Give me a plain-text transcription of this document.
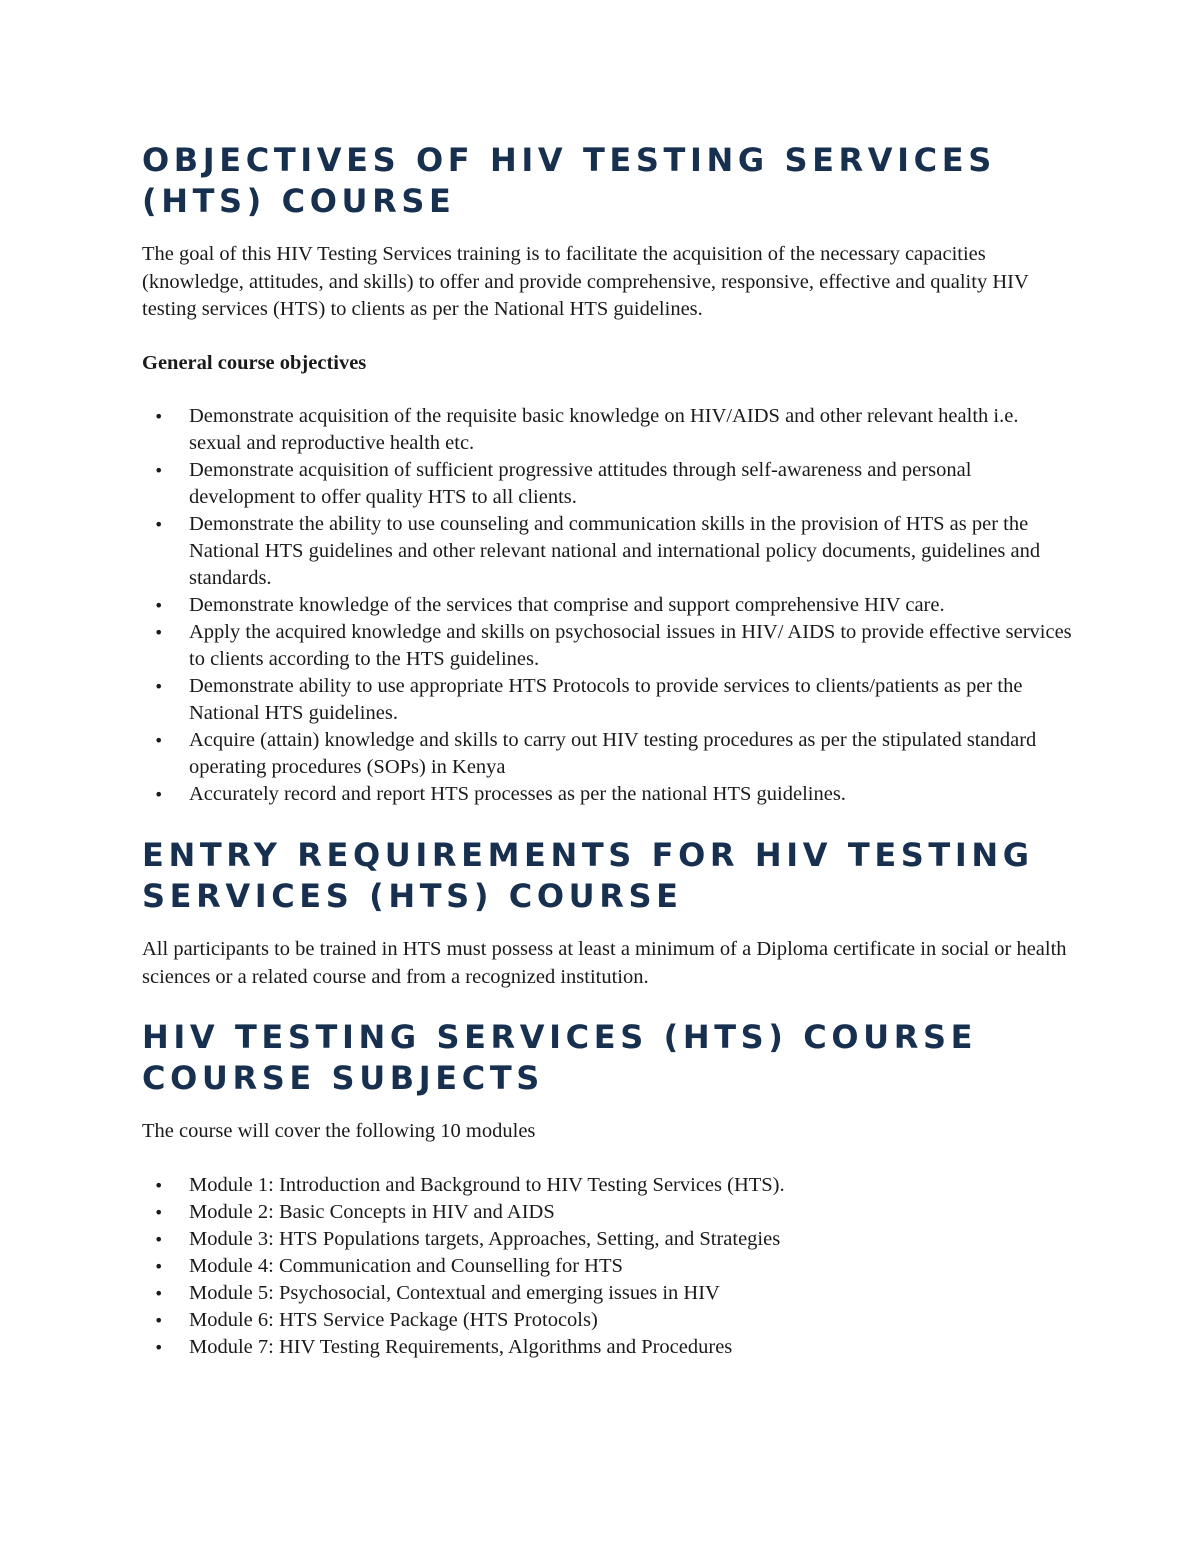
OBJECTIVES OF HIV TESTING SERVICES (HTS) COURSE

The goal of this HIV Testing Services training is to facilitate the acquisition of the necessary capacities (knowledge, attitudes, and skills) to offer and provide comprehensive, responsive, effective and quality HIV testing services (HTS) to clients as per the National HTS guidelines.

General course objectives

• Demonstrate acquisition of the requisite basic knowledge on HIV/AIDS and other relevant health i.e. sexual and reproductive health etc.
• Demonstrate acquisition of sufficient progressive attitudes through self-awareness and personal development to offer quality HTS to all clients.
• Demonstrate the ability to use counseling and communication skills in the provision of HTS as per the National HTS guidelines and other relevant national and international policy documents, guidelines and standards.
• Demonstrate knowledge of the services that comprise and support comprehensive HIV care.
• Apply the acquired knowledge and skills on psychosocial issues in HIV/ AIDS to provide effective services to clients according to the HTS guidelines.
• Demonstrate ability to use appropriate HTS Protocols to provide services to clients/patients as per the National HTS guidelines.
• Acquire (attain) knowledge and skills to carry out HIV testing procedures as per the stipulated standard operating procedures (SOPs) in Kenya
• Accurately record and report HTS processes as per the national HTS guidelines.
ENTRY REQUIREMENTS FOR HIV TESTING SERVICES (HTS) COURSE

All participants to be trained in HTS must possess at least a minimum of a Diploma certificate in social or health sciences or a related course and from a recognized institution.

HIV TESTING SERVICES (HTS) COURSE COURSE SUBJECTS

The course will cover the following 10 modules

• Module 1: Introduction and Background to HIV Testing Services (HTS).
• Module 2: Basic Concepts in HIV and AIDS
• Module 3: HTS Populations targets, Approaches, Setting, and Strategies
• Module 4: Communication and Counselling for HTS
• Module 5: Psychosocial, Contextual and emerging issues in HIV
• Module 6: HTS Service Package (HTS Protocols)
• Module 7: HIV Testing Requirements, Algorithms and Procedures
